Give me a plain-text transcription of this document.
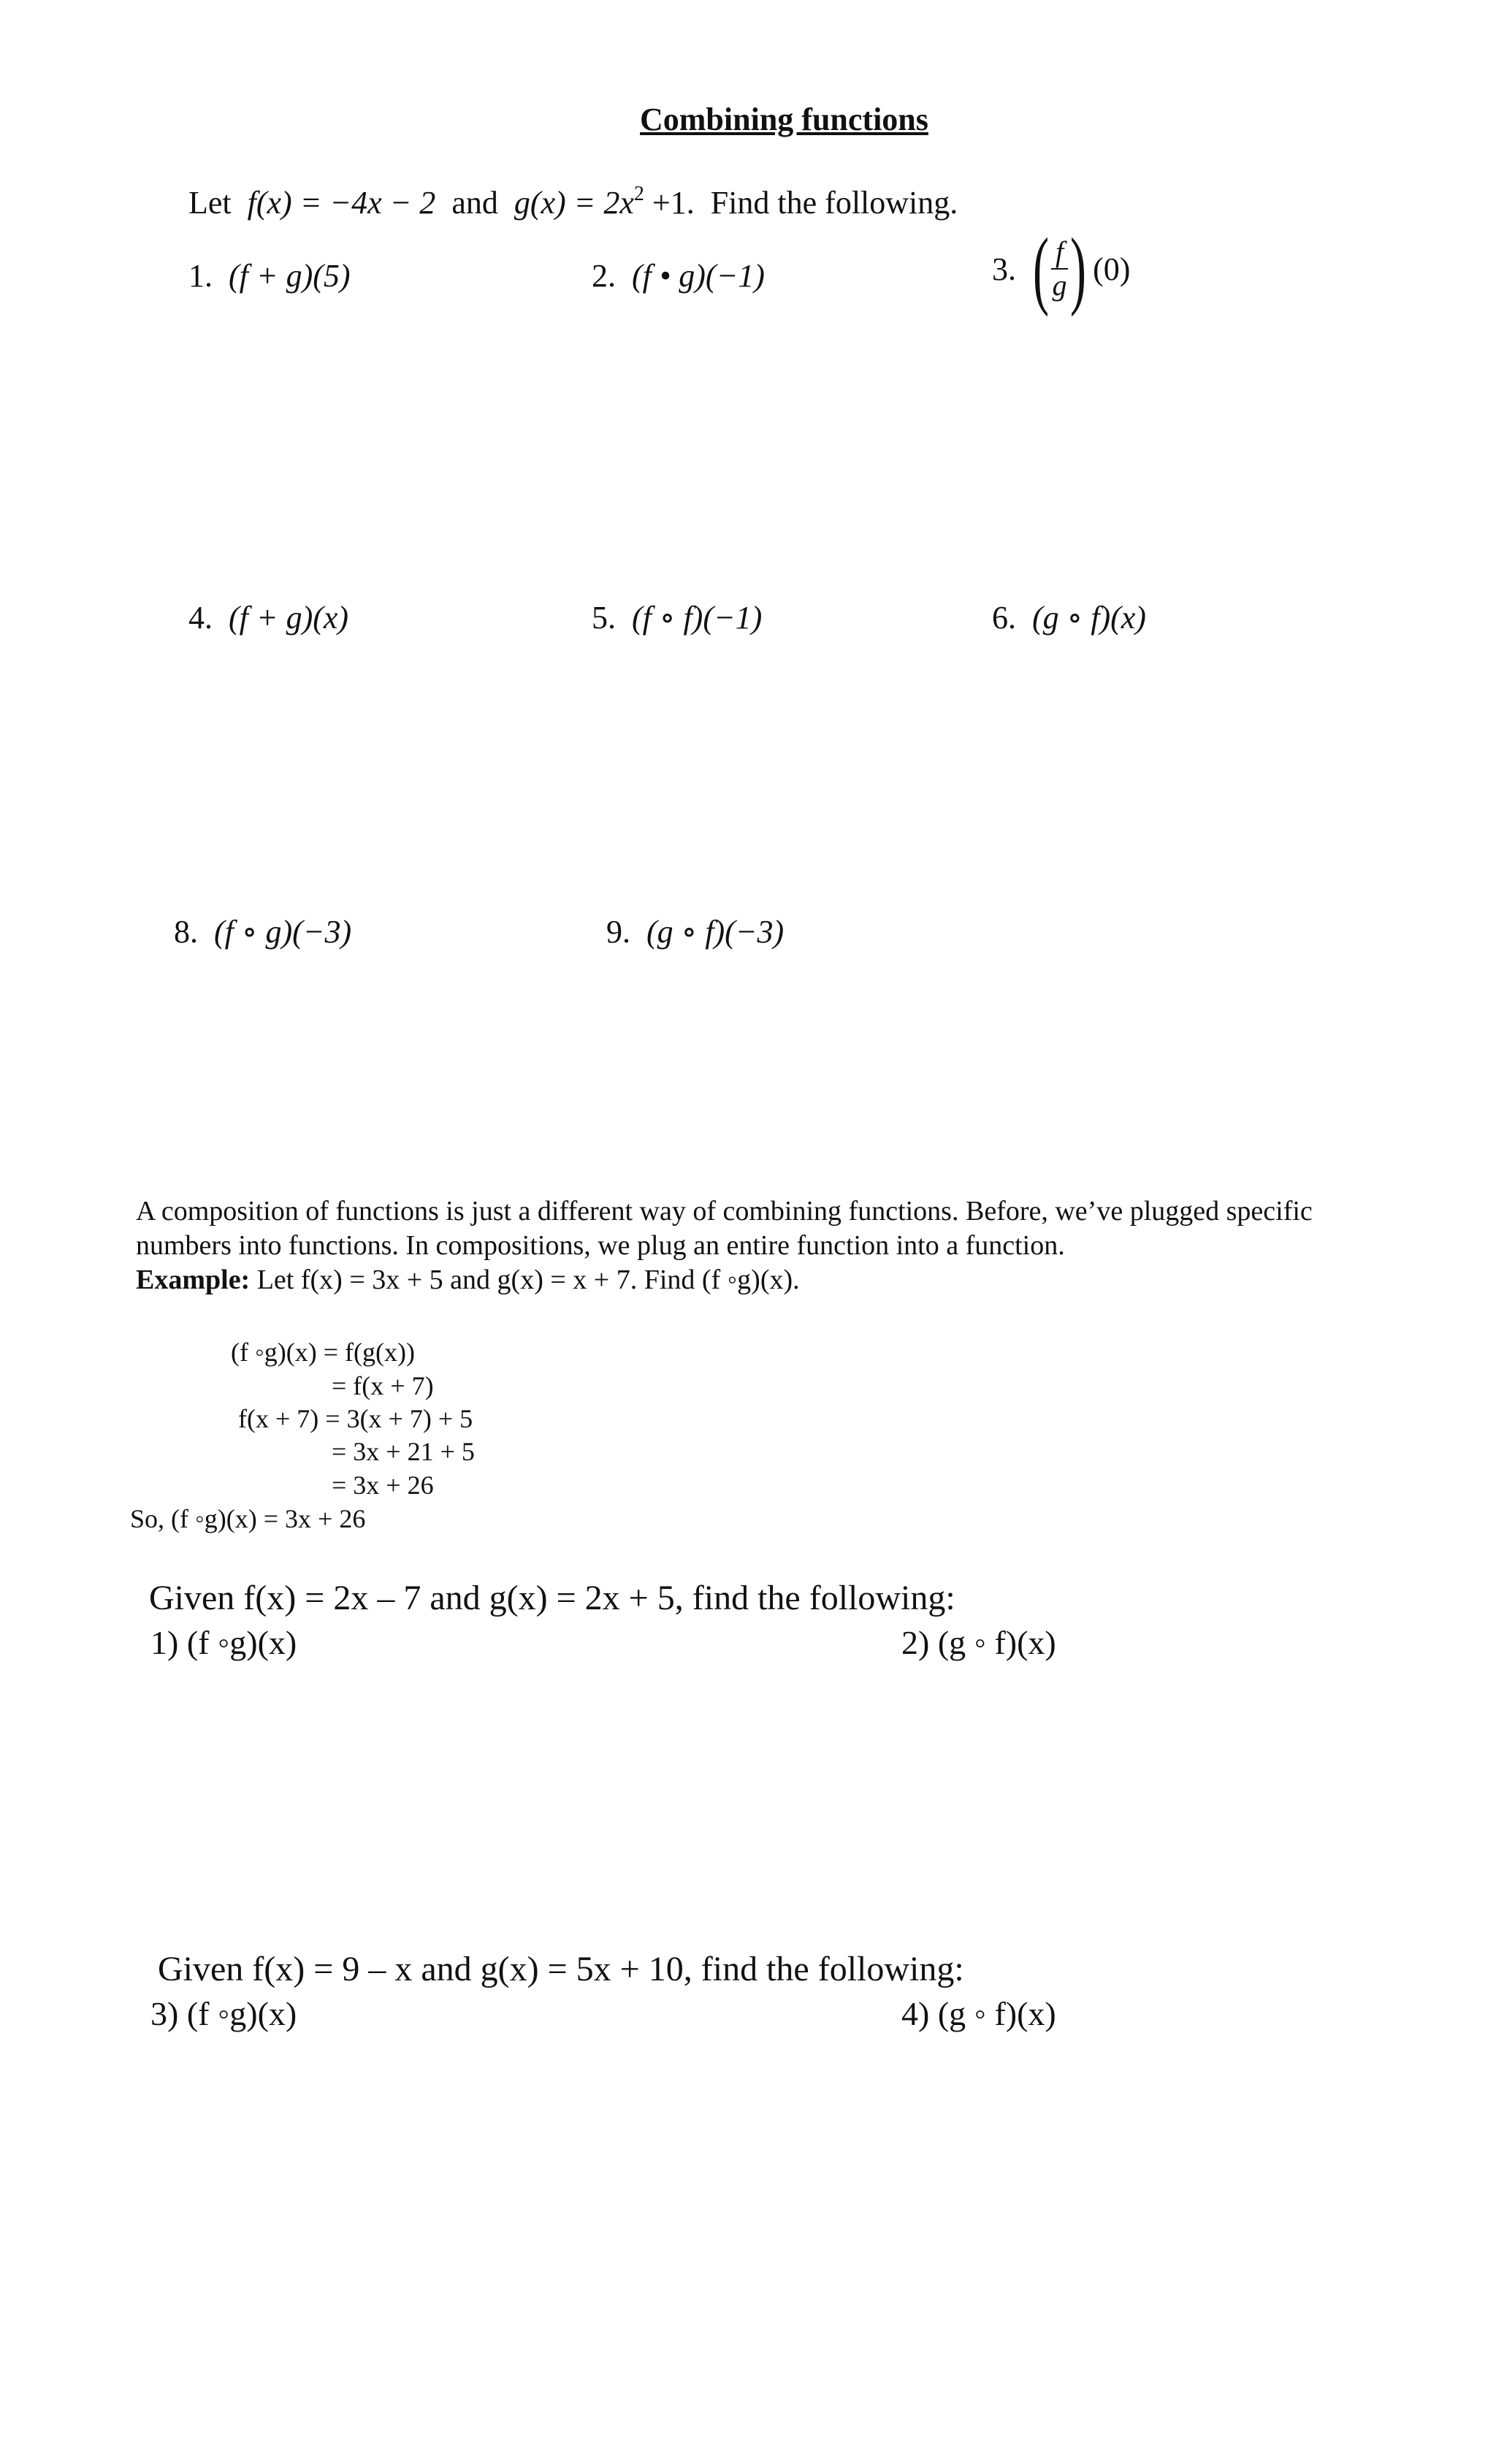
Combining functions
Let f(x) = −4x − 2 and $g(x) = 2x^2 +1$. Find the following.
1. (f + g)(5)	2. (f • g)(−1)	3. ( $\frac{f}{g}$ ) (0)
4. (f + g)(x)	5. (f ∘ f)(−1)	6. (g ∘ f)(x)
8. (f ∘ g)(−3)	9. (g ∘ f)(−3)
A composition of functions is just a different way of combining functions. Before, we’ve plugged specific
numbers into functions. In compositions, we plug an entire function into a function.
Example: Let f(x) = 3x + 5 and g(x) = x + 7. Find (f ◦g)(x).
(f ◦g)(x) = f(g(x))
= f(x + 7)
f(x + 7) = 3(x + 7) + 5
= 3x + 21 + 5
= 3x + 26
So, (f ◦g)(x) = 3x + 26
Given f(x) = 2x – 7 and g(x) = 2x + 5, find the following:
1) (f ◦g)(x)	2) (g ◦ f)(x)
Given f(x) = 9 – x and g(x) = 5x + 10, find the following:
3) (f ◦g)(x)	4) (g ◦ f)(x)
